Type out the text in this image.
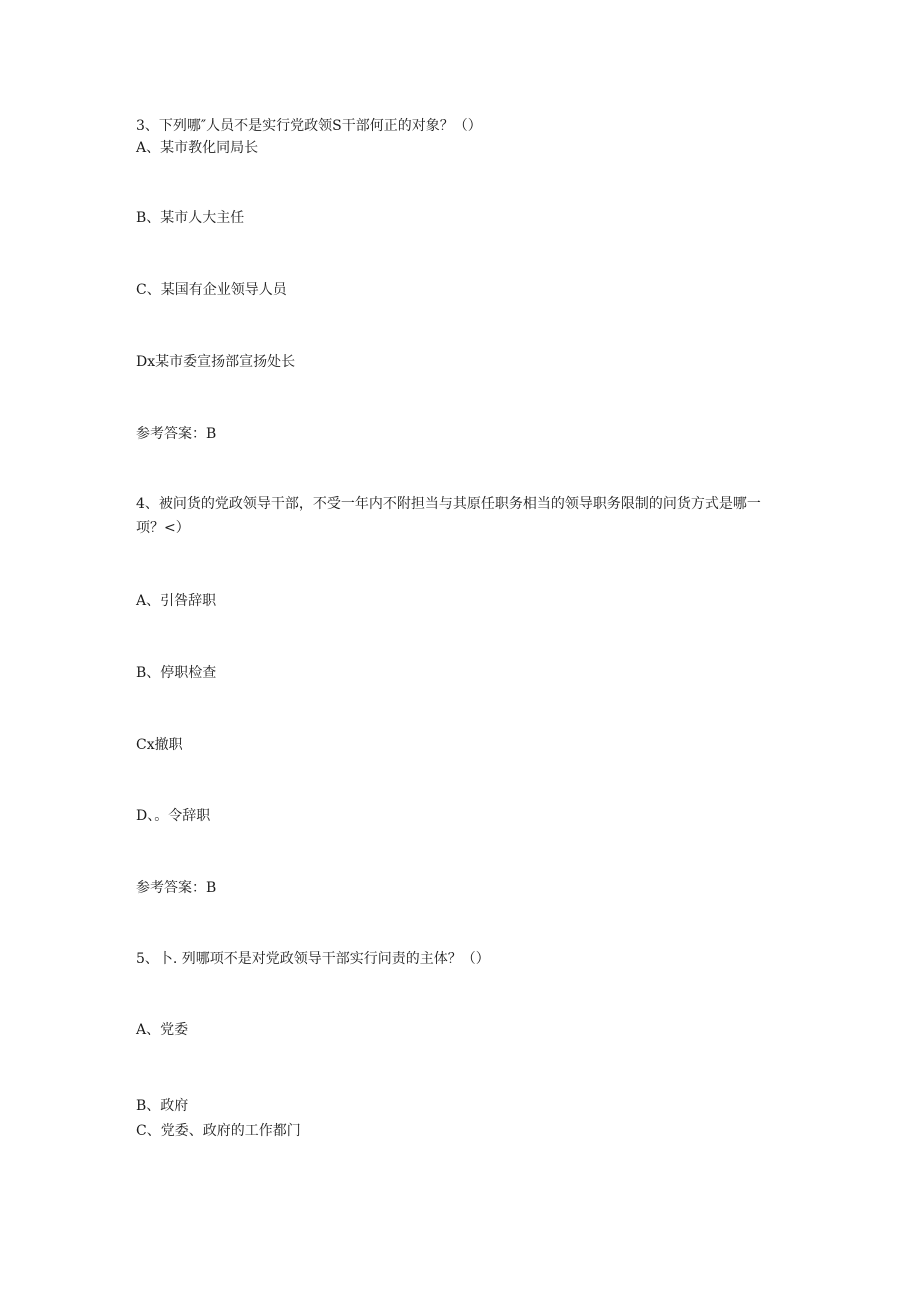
3、下列哪″人员不是实行党政领S干部何正的对象？（）
A、某市教化同局长
B、某市人大主任
C、某国有企业领导人员
Dx某市委宣扬部宣扬处长
参考答案：B
4、被问货的党政领导干部，不受一年内不附担当与其原任职务相当的领导职务限制的问货方式是哪一项？<）
A、引咎辞职
B、停职检查
Cx撤职
D、。令辞职
参考答案：B
5、卜. 列哪项不是对党政领导干部实行问责的主体？（）
A、党委
B、政府
C、党委、政府的工作都门
